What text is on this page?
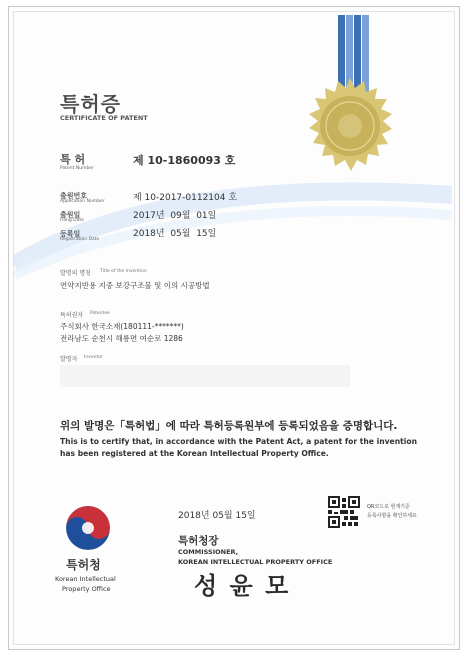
특허증
CERTIFICATE OF PATENT
특 허
Patent Number
제 10-1860093 호
출원번호
Application Number	제 10-2017-0112104 호
출원일
Filing Date	2017년  09월  01일
등록일
Registration Date
2018년  05월  15일
발명의 명칭 Title of the Invention
연약지반용 지중 보강구조물 및 이의 시공방법
특허권자 Patentee
주식회사 한국소재(180111-*******)
전라남도 순천시 해룡면 여순로 1286
발명자 Inventor
위의 발명은「특허법」에 따라 특허등록원부에 등록되었음을 증명합니다.
This is to certify that, in accordance with the Patent Act, a patent for the invention
has been registered at the Korean Intellectual Property Office.
2018년 05월 15일
QR코드로 현재기준
등록사항을 확인하세요
특허청
Korean Intellectual
Property Office
특허청장
COMMISSIONER,
KOREAN INTELLECTUAL PROPERTY OFFICE
성 윤 모
